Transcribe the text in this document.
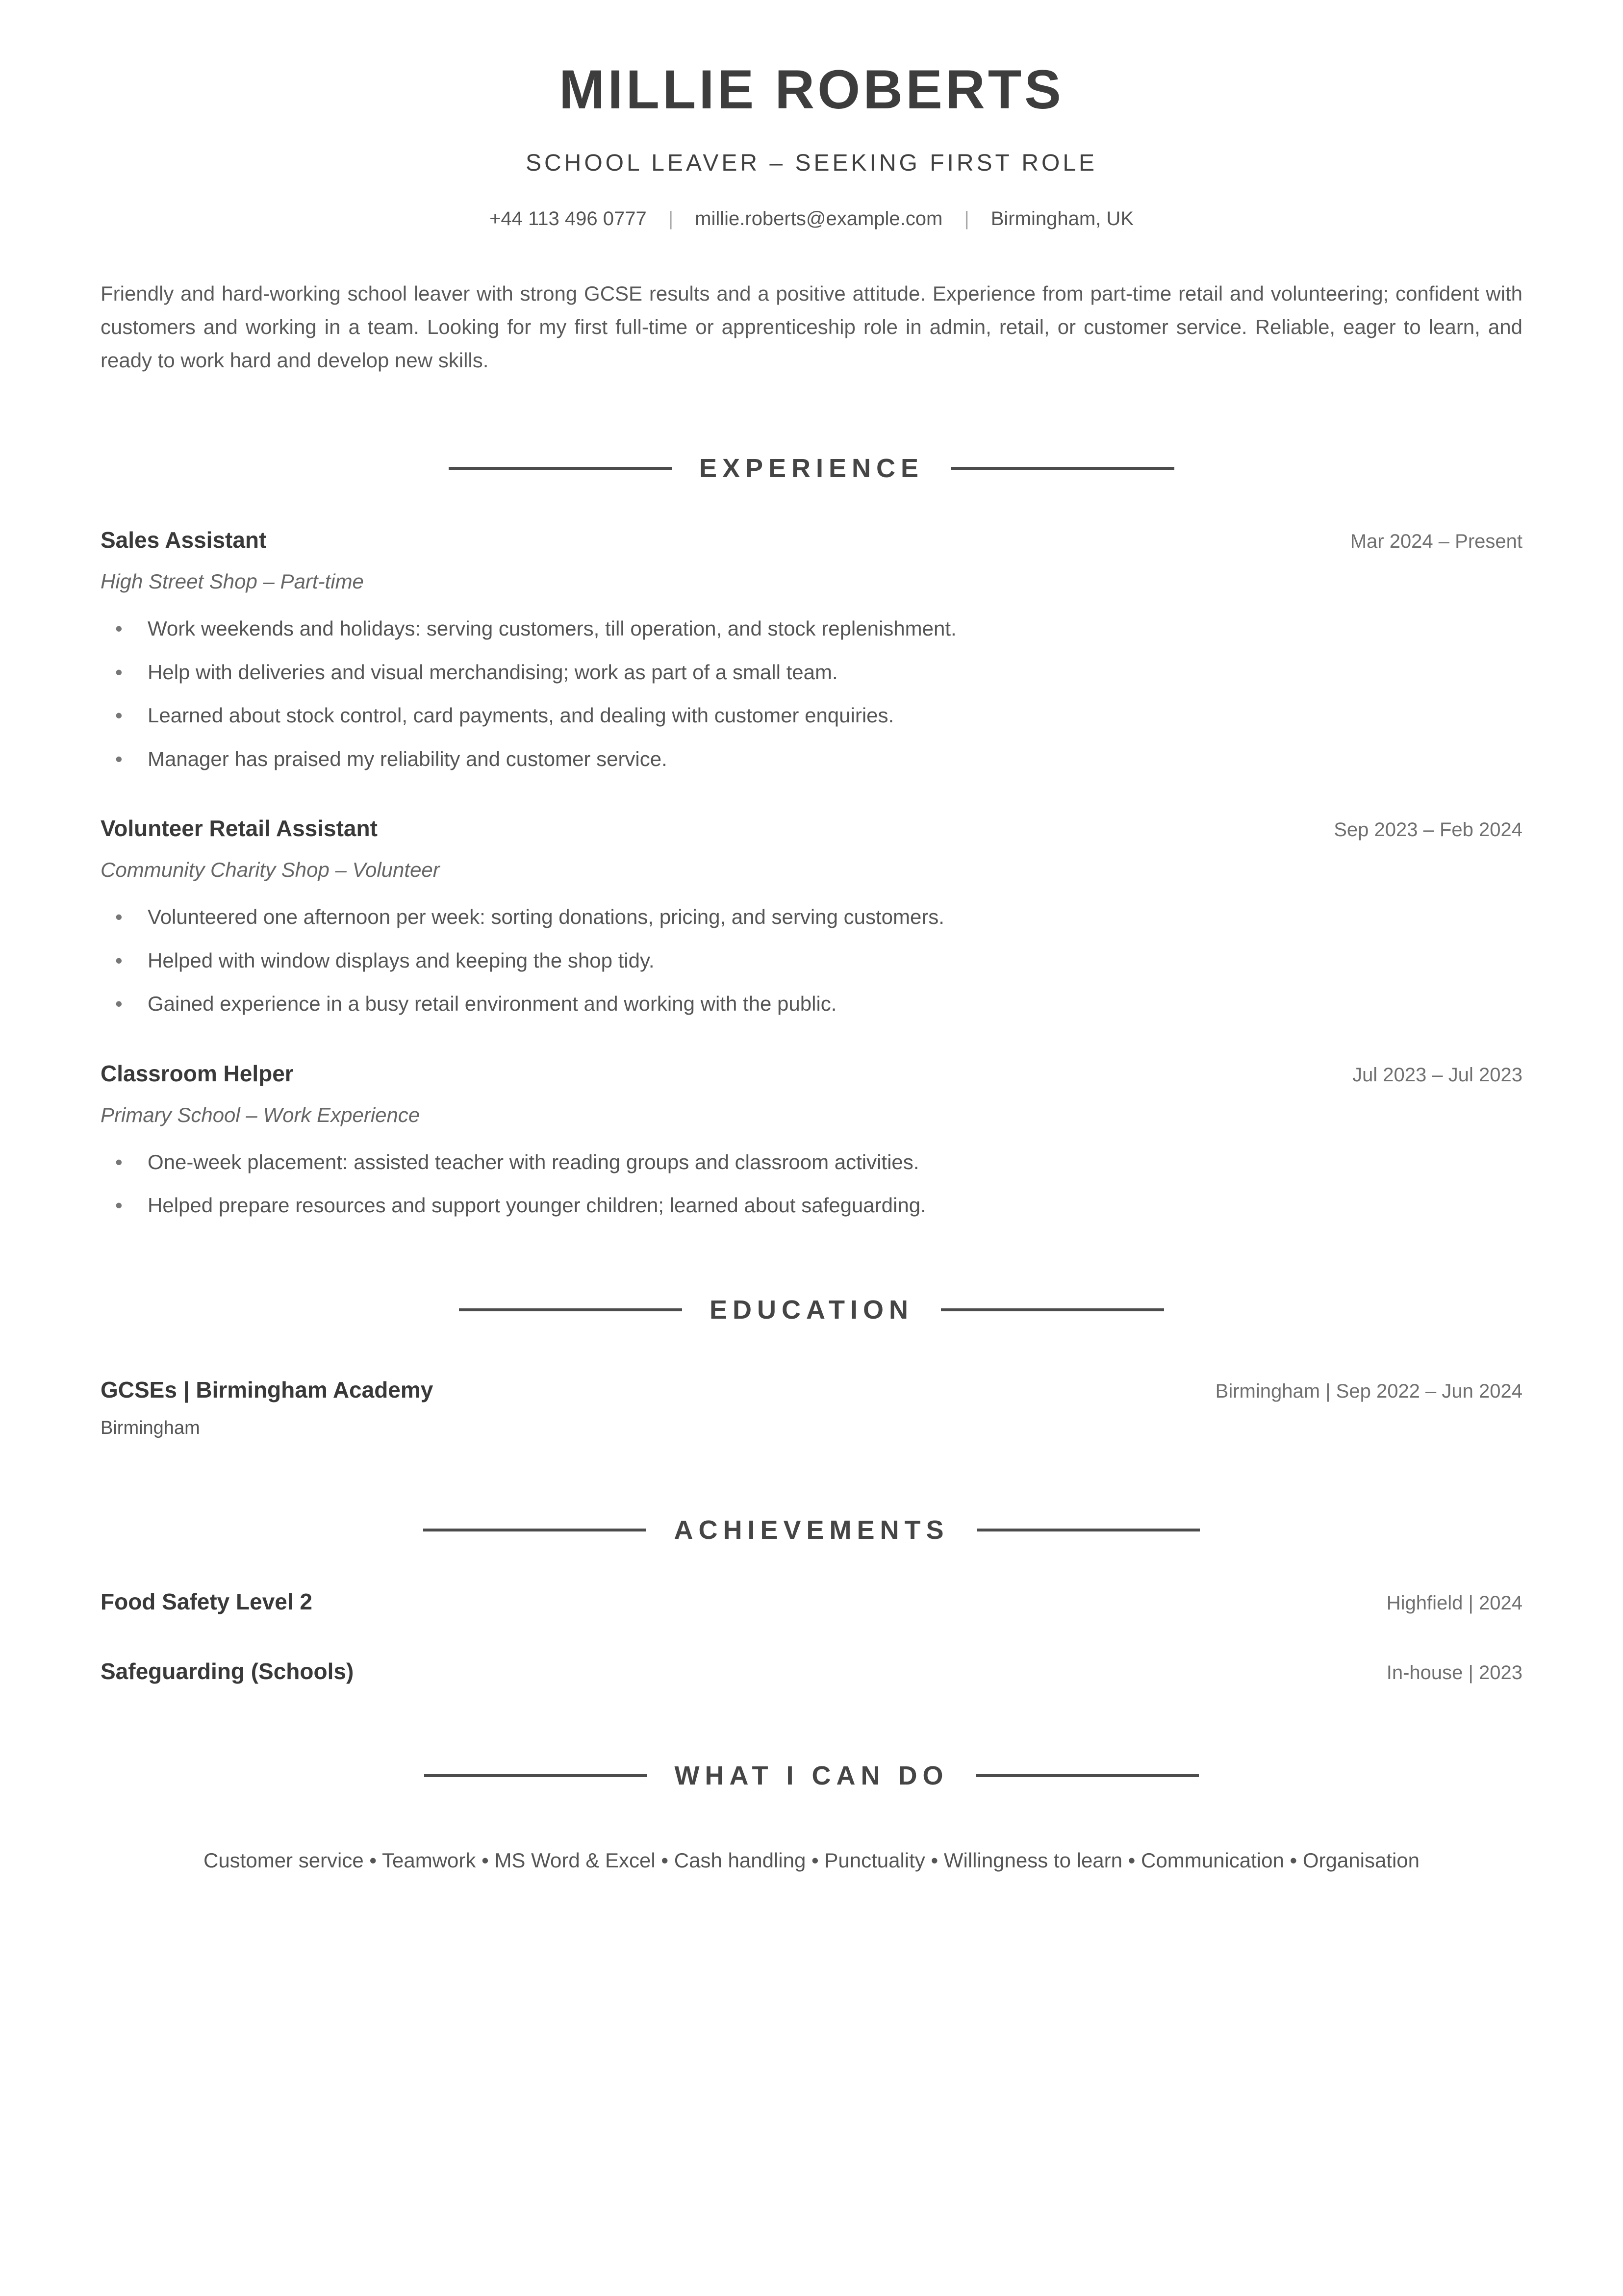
MILLIE ROBERTS
SCHOOL LEAVER – SEEKING FIRST ROLE
+44 113 496 0777 | millie.roberts@example.com | Birmingham, UK

Friendly and hard-working school leaver with strong GCSE results and a positive attitude. Experience from part-time retail and volunteering; confident with customers and working in a team. Looking for my first full-time or apprenticeship role in admin, retail, or customer service. Reliable, eager to learn, and ready to work hard and develop new skills.

EXPERIENCE
Sales Assistant	Mar 2024 – Present
High Street Shop – Part-time
• Work weekends and holidays: serving customers, till operation, and stock replenishment.
• Help with deliveries and visual merchandising; work as part of a small team.
• Learned about stock control, card payments, and dealing with customer enquiries.
• Manager has praised my reliability and customer service.
Volunteer Retail Assistant	Sep 2023 – Feb 2024
Community Charity Shop – Volunteer
• Volunteered one afternoon per week: sorting donations, pricing, and serving customers.
• Helped with window displays and keeping the shop tidy.
• Gained experience in a busy retail environment and working with the public.
Classroom Helper	Jul 2023 – Jul 2023
Primary School – Work Experience
• One-week placement: assisted teacher with reading groups and classroom activities.
• Helped prepare resources and support younger children; learned about safeguarding.
EDUCATION
GCSEs | Birmingham Academy	Birmingham | Sep 2022 – Jun 2024
Birmingham
ACHIEVEMENTS
Food Safety Level 2	Highfield | 2024
Safeguarding (Schools)	In-house | 2023
WHAT I CAN DO
Customer service • Teamwork • MS Word & Excel • Cash handling • Punctuality • Willingness to learn • Communication • Organisation
